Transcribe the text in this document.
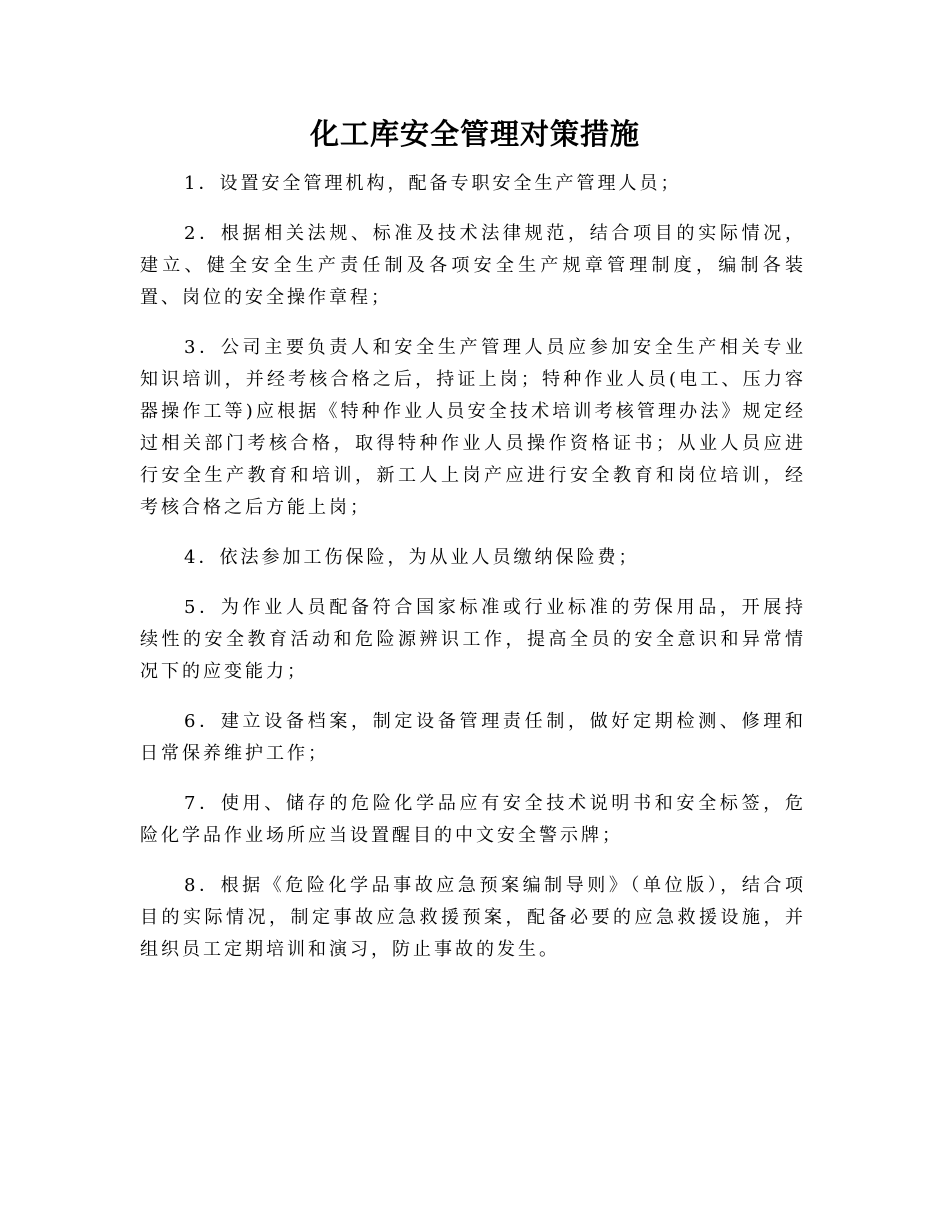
化工库安全管理对策措施

1．设置安全管理机构，配备专职安全生产管理人员；

2．根据相关法规、标准及技术法律规范，结合项目的实际情况，建立、健全安全生产责任制及各项安全生产规章管理制度，编制各装置、岗位的安全操作章程；

3．公司主要负责人和安全生产管理人员应参加安全生产相关专业知识培训，并经考核合格之后，持证上岗；特种作业人员(电工、压力容器操作工等)应根据《特种作业人员安全技术培训考核管理办法》规定经过相关部门考核合格，取得特种作业人员操作资格证书；从业人员应进行安全生产教育和培训，新工人上岗产应进行安全教育和岗位培训，经考核合格之后方能上岗；

4．依法参加工伤保险，为从业人员缴纳保险费；

5．为作业人员配备符合国家标准或行业标准的劳保用品，开展持续性的安全教育活动和危险源辨识工作，提高全员的安全意识和异常情况下的应变能力；

6．建立设备档案，制定设备管理责任制，做好定期检测、修理和日常保养维护工作；

7．使用、储存的危险化学品应有安全技术说明书和安全标签，危险化学品作业场所应当设置醒目的中文安全警示牌；

8．根据《危险化学品事故应急预案编制导则》（单位版），结合项目的实际情况，制定事故应急救援预案，配备必要的应急救援设施，并组织员工定期培训和演习，防止事故的发生。
